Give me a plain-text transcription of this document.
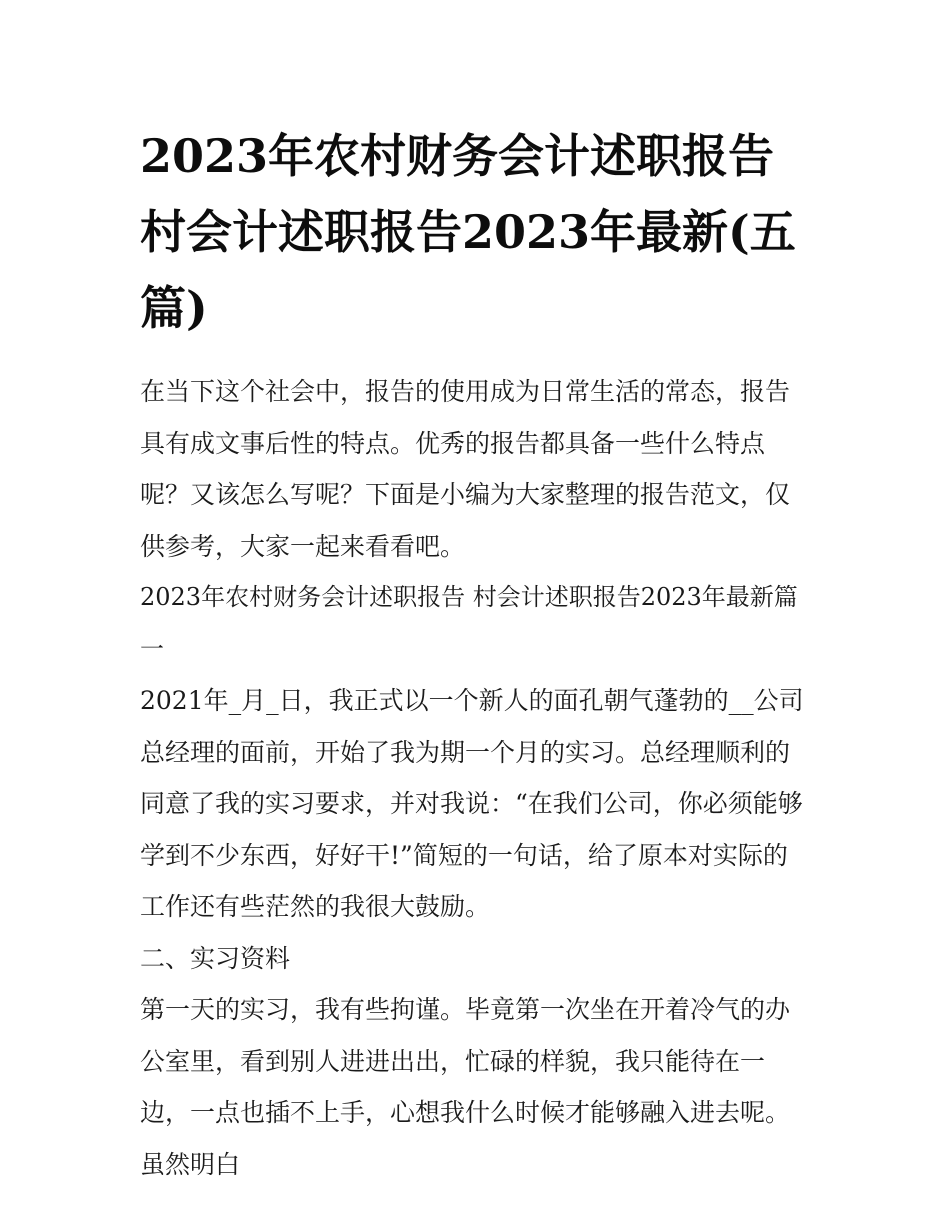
2023年农村财务会计述职报告 村会计述职报告2023年最新(五篇)

在当下这个社会中，报告的使用成为日常生活的常态，报告具有成文事后性的特点。优秀的报告都具备一些什么特点呢？又该怎么写呢？下面是小编为大家整理的报告范文，仅供参考，大家一起来看看吧。

2023年农村财务会计述职报告 村会计述职报告2023年最新篇一

2021年_月_日，我正式以一个新人的面孔朝气蓬勃的__公司总经理的面前，开始了我为期一个月的实习。总经理顺利的同意了我的实习要求，并对我说：“在我们公司，你必须能够学到不少东西，好好干!”简短的一句话，给了原本对实际的工作还有些茫然的我很大鼓励。

二、实习资料

第一天的实习，我有些拘谨。毕竟第一次坐在开着冷气的办公室里，看到别人进进出出，忙碌的样貌，我只能待在一边，一点也插不上手，心想我什么时候才能够融入进去呢。虽然明白
